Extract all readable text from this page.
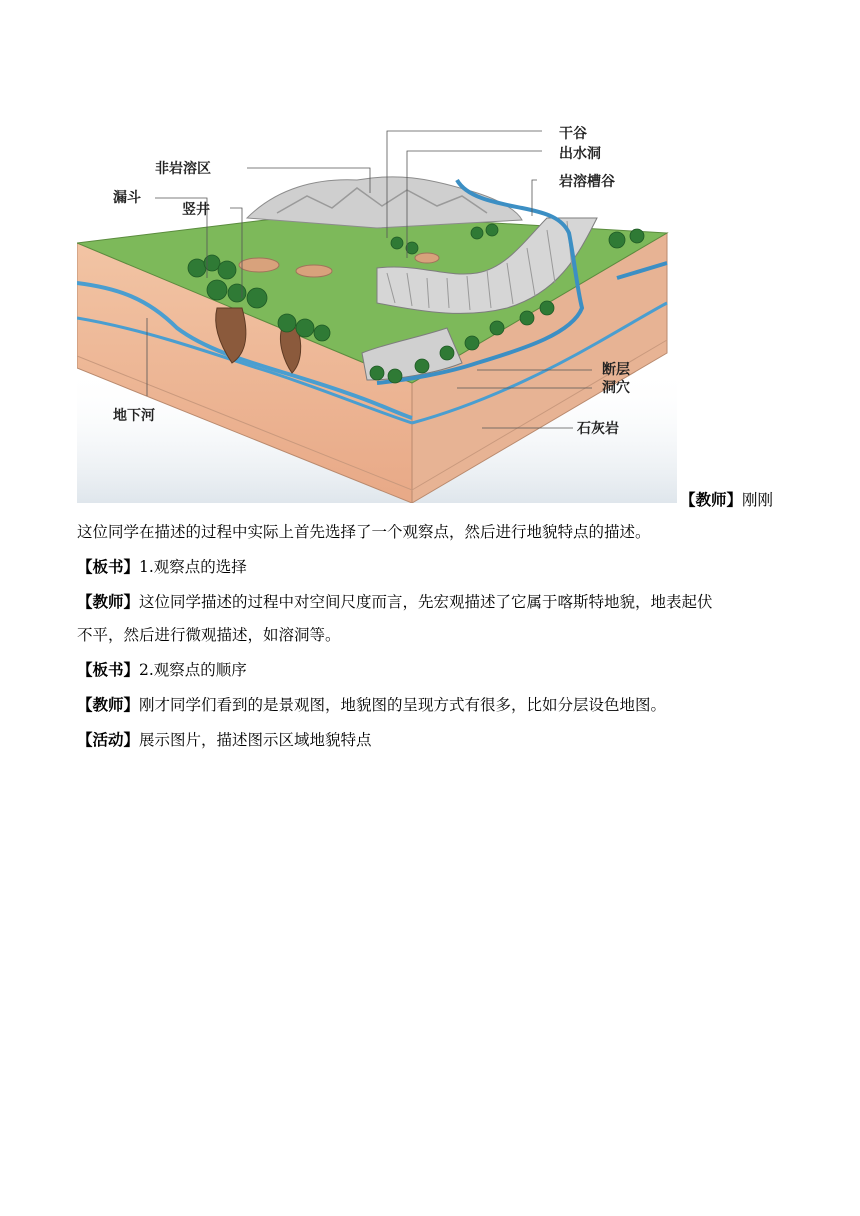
非岩溶区
干谷
出水洞
岩溶槽谷
漏斗
竖井
地下河
断层
洞穴
石灰岩
【教师】刚刚
这位同学在描述的过程中实际上首先选择了一个观察点，然后进行地貌特点的描述。
【板书】1.观察点的选择
【教师】这位同学描述的过程中对空间尺度而言，先宏观描述了它属于喀斯特地貌，地表起伏
不平，然后进行微观描述，如溶洞等。
【板书】2.观察点的顺序
【教师】刚才同学们看到的是景观图，地貌图的呈现方式有很多，比如分层设色地图。
【活动】展示图片，描述图示区域地貌特点
